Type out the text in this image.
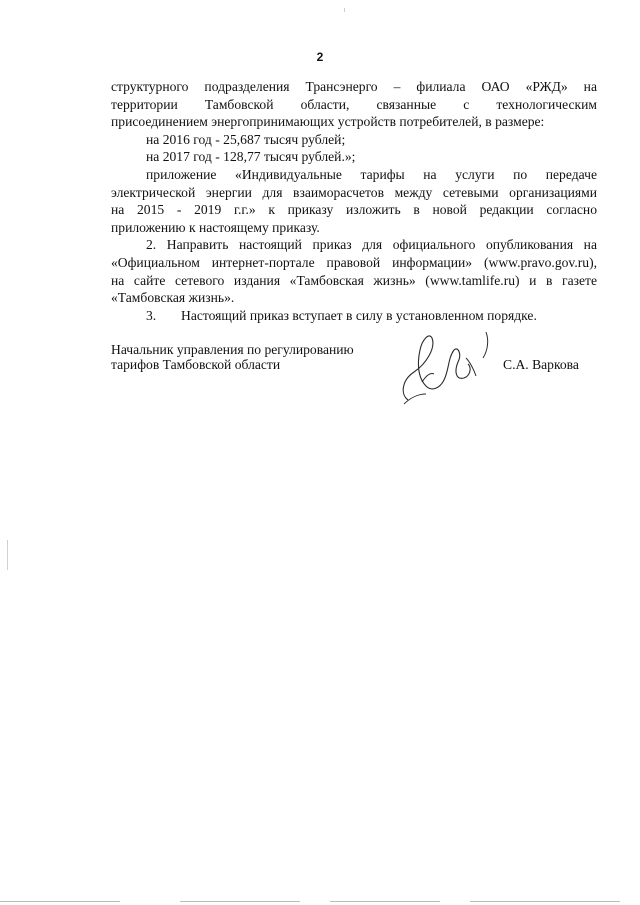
2
структурного подразделения Трансэнерго – филиала ОАО «РЖД» на
территории Тамбовской области, связанные с технологическим
присоединением энергопринимающих устройств потребителей, в размере:
на 2016 год - 25,687 тысяч рублей;
на 2017 год - 128,77 тысяч рублей.»;
приложение «Индивидуальные тарифы на услуги по передаче
электрической энергии для взаиморасчетов между сетевыми организациями
на 2015 - 2019 г.г.» к приказу изложить в новой редакции согласно
приложению к настоящему приказу.
2. Направить настоящий приказ для официального опубликования на
«Официальном интернет-портале правовой информации» (www.pravo.gov.ru),
на сайте сетевого издания «Тамбовская жизнь» (www.tamlife.ru) и в газете
«Тамбовская жизнь».
3. Настоящий приказ вступает в силу в установленном порядке.
Начальник управления по регулированию
тарифов Тамбовской области	С.А. Варкова
